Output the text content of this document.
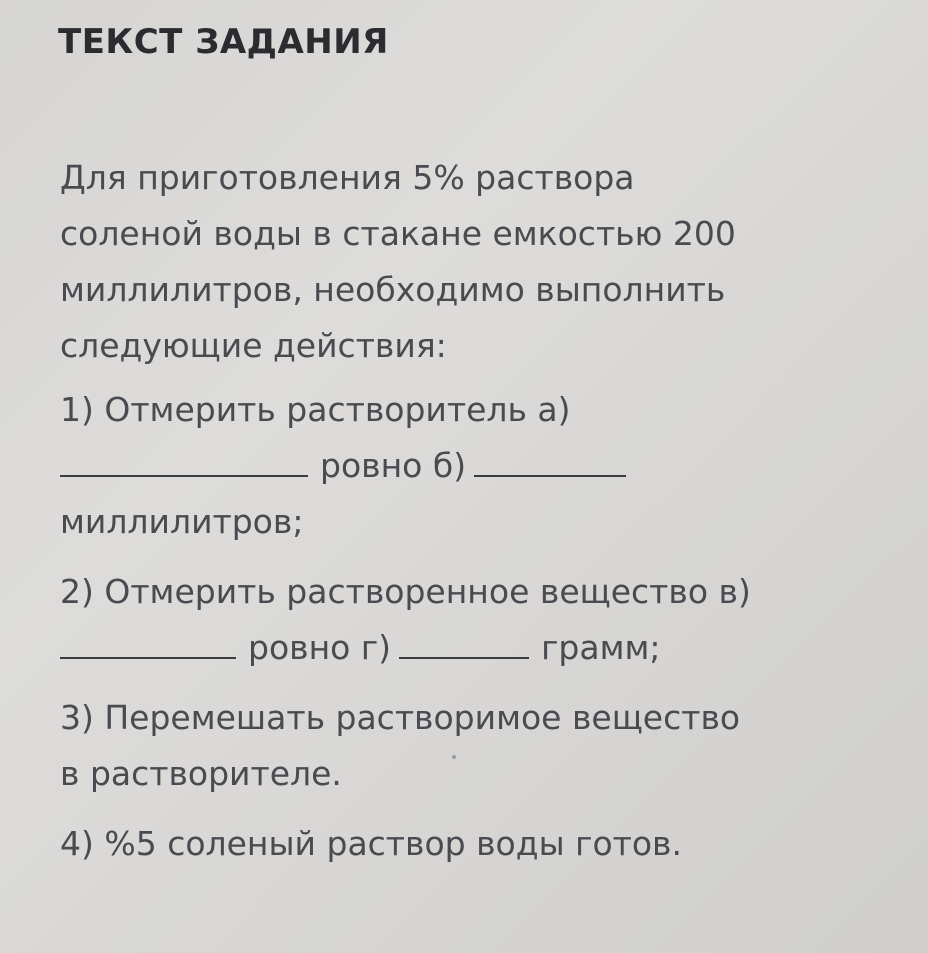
ТЕКСТ ЗАДАНИЯ

Для приготовления 5% раствора
соленой воды в стакане емкостью 200
миллилитров, необходимо выполнить
следующие действия:

1) Отмерить растворитель а)
ровно б)
миллилитров;
2) Отмерить растворенное вещество в)
ровно г)	грамм;
3) Перемешать растворимое вещество
в растворителе.
4) %5 соленый раствор воды готов.
